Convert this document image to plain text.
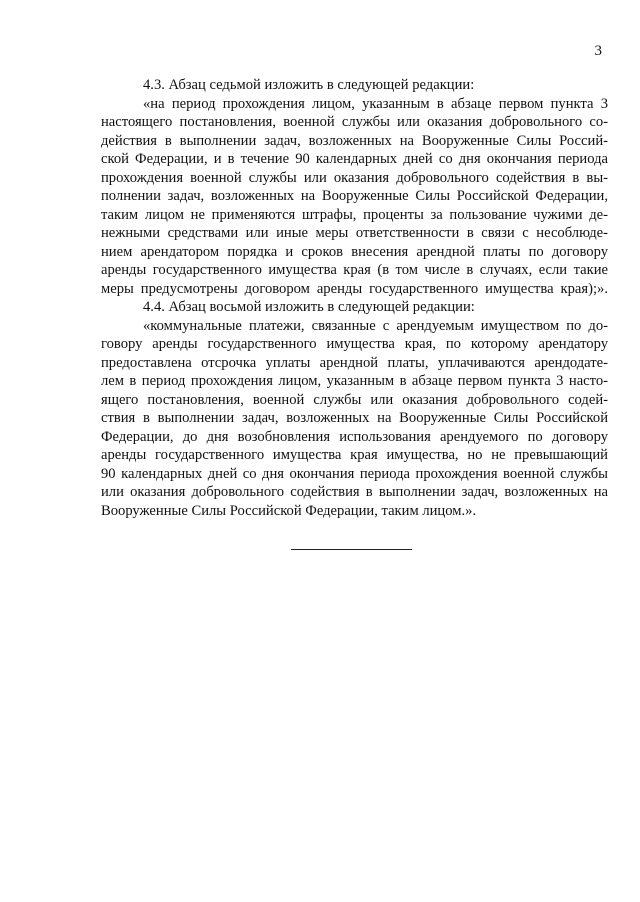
3
4.3. Абзац седьмой изложить в следующей редакции:
«на период прохождения лицом, указанным в абзаце первом пункта 3
настоящего постановления, военной службы или оказания добровольного со-
действия в выполнении задач, возложенных на Вооруженные Силы Россий-
ской Федерации, и в течение 90 календарных дней со дня окончания периода
прохождения военной службы или оказания добровольного содействия в вы-
полнении задач, возложенных на Вооруженные Силы Российской Федерации,
таким лицом не применяются штрафы, проценты за пользование чужими де-
нежными средствами или иные меры ответственности в связи с несоблюде-
нием арендатором порядка и сроков внесения арендной платы по договору
аренды государственного имущества края (в том числе в случаях, если такие
меры предусмотрены договором аренды государственного имущества края);».
4.4. Абзац восьмой изложить в следующей редакции:
«коммунальные платежи, связанные с арендуемым имуществом по до-
говору аренды государственного имущества края, по которому арендатору
предоставлена отсрочка уплаты арендной платы, уплачиваются арендодате-
лем в период прохождения лицом, указанным в абзаце первом пункта 3 насто-
ящего постановления, военной службы или оказания добровольного содей-
ствия в выполнении задач, возложенных на Вооруженные Силы Российской
Федерации, до дня возобновления использования арендуемого по договору
аренды государственного имущества края имущества, но не превышающий
90 календарных дней со дня окончания периода прохождения военной службы
или оказания добровольного содействия в выполнении задач, возложенных на
Вооруженные Силы Российской Федерации, таким лицом.».
